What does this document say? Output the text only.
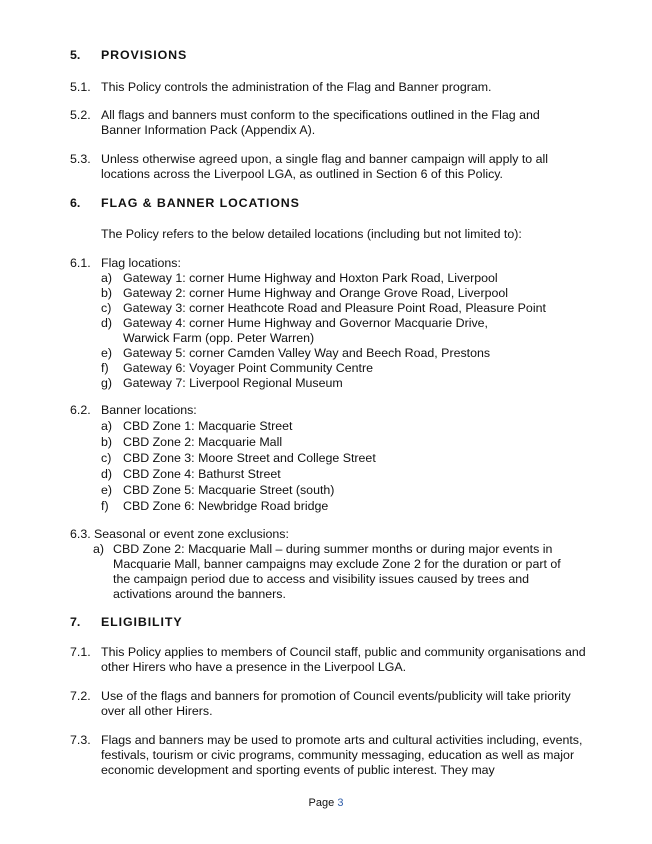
5. PROVISIONS
5.1. This Policy controls the administration of the Flag and Banner program.
5.2. All flags and banners must conform to the specifications outlined in the Flag and Banner Information Pack (Appendix A).
5.3. Unless otherwise agreed upon, a single flag and banner campaign will apply to all locations across the Liverpool LGA, as outlined in Section 6 of this Policy.
6. FLAG & BANNER LOCATIONS
The Policy refers to the below detailed locations (including but not limited to):
6.1. Flag locations:
a) Gateway 1: corner Hume Highway and Hoxton Park Road, Liverpool
b) Gateway 2: corner Hume Highway and Orange Grove Road, Liverpool
c) Gateway 3: corner Heathcote Road and Pleasure Point Road, Pleasure Point
d) Gateway 4: corner Hume Highway and Governor Macquarie Drive, Warwick Farm (opp. Peter Warren)
e) Gateway 5: corner Camden Valley Way and Beech Road, Prestons
f) Gateway 6: Voyager Point Community Centre
g) Gateway 7: Liverpool Regional Museum
6.2. Banner locations:
a) CBD Zone 1: Macquarie Street
b) CBD Zone 2: Macquarie Mall
c) CBD Zone 3: Moore Street and College Street
d) CBD Zone 4: Bathurst Street
e) CBD Zone 5: Macquarie Street (south)
f) CBD Zone 6: Newbridge Road bridge
6.3. Seasonal or event zone exclusions:
a) CBD Zone 2: Macquarie Mall – during summer months or during major events in Macquarie Mall, banner campaigns may exclude Zone 2 for the duration or part of the campaign period due to access and visibility issues caused by trees and activations around the banners.
7. ELIGIBILITY
7.1. This Policy applies to members of Council staff, public and community organisations and other Hirers who have a presence in the Liverpool LGA.
7.2. Use of the flags and banners for promotion of Council events/publicity will take priority over all other Hirers.
7.3. Flags and banners may be used to promote arts and cultural activities including, events, festivals, tourism or civic programs, community messaging, education as well as major economic development and sporting events of public interest. They may
Page 3
